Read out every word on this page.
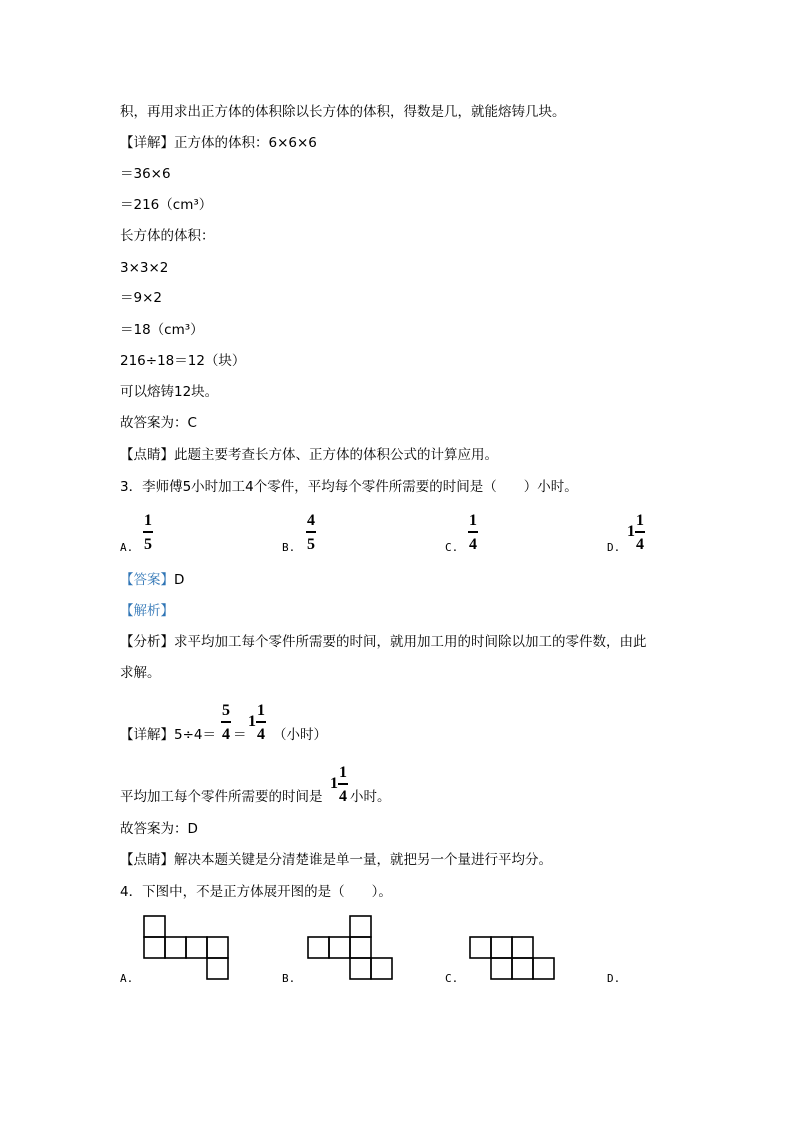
积，再用求出正方体的体积除以长方体的体积，得数是几，就能熔铸几块。
【详解】正方体的体积：6×6×6
＝36×6
＝216（cm³）
长方体的体积：
3×3×2
＝9×2
＝18（cm³）
216÷18＝12（块）
可以熔铸12块。
故答案为：C
【点睛】此题主要考查长方体、正方体的体积公式的计算应用。
3．李师傅5小时加工4个零件，平均每个零件所需要的时间是（　　）小时。
A.
1
5	B.
4
5	C.
1
4	D.
$1 \frac{1}{4}$
【答案】D
【解析】
【分析】求平均加工每个零件所需要的时间，就用加工用的时间除以加工的零件数，由此
求解。
【详解】5÷4＝
5
4 ＝
$1 \frac{1}{4}$ （小时）
平均加工每个零件所需要的时间是
$1 \frac{1}{4}$ 小时。
故答案为：D
【点睛】解决本题关键是分清楚谁是单一量，就把另一个量进行平均分。
4．下图中，不是正方体展开图的是（　　）。
A.	B.	C.	D.
